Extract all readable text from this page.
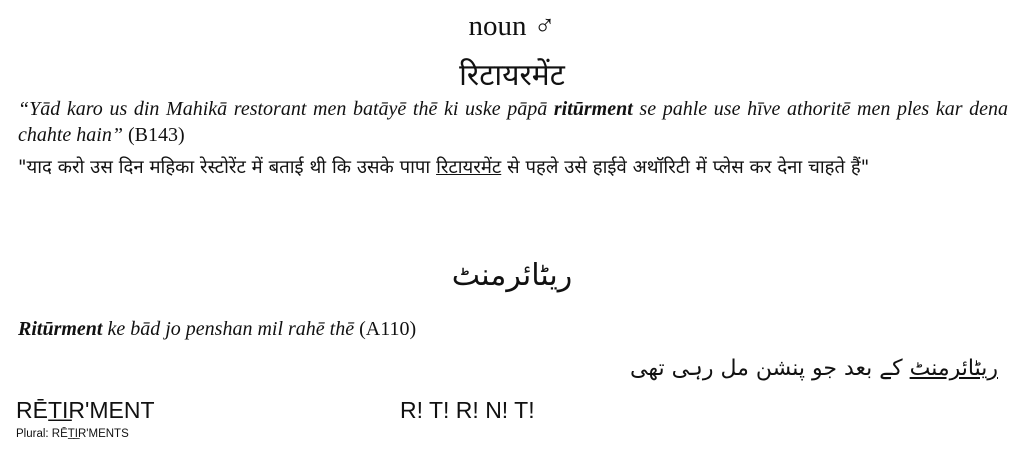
noun ♂
रिटायरमेंट
“Yād karo us din Mahikā restorant men batāyē thē ki uske pāpā ritūrment se pahle use hīve athoritē men ples kar dena chahte hain” (B143)
"याद करो उस दिन महिका रेस्टोरेंट में बताई थी कि उसके पापा रिटायरमेंट से पहले उसे हाईवे अथॉरिटी में प्लेस कर देना चाहते हैं"
ریٹائرمنٹ
Ritūrment ke bād jo penshan mil rahē thē (A110)
ریٹائرمنٹ کے بعد جو پنشن مل رہی تھی
RĒT̲I̲R'MENT
Plural: RĒT̲I̲R'MENTS
R! T! R! N! T!
